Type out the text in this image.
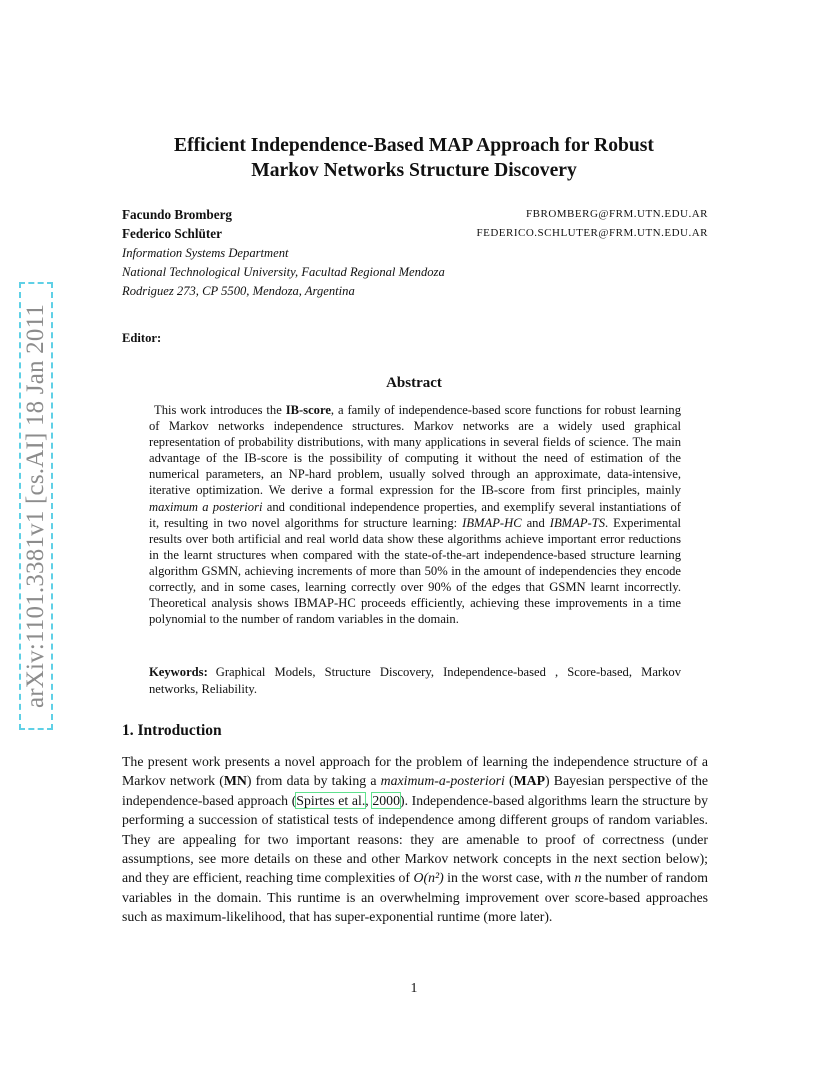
arXiv:1101.3381v1 [cs.AI] 18 Jan 2011
Efficient Independence-Based MAP Approach for Robust
Markov Networks Structure Discovery
Facundo Bromberg	FBROMBERG@FRM.UTN.EDU.AR
Federico Schlüter	FEDERICO.SCHLUTER@FRM.UTN.EDU.AR
Information Systems Department
National Technological University, Facultad Regional Mendoza
Rodriguez 273, CP 5500, Mendoza, Argentina
Editor:
Abstract
This work introduces the IB-score, a family of independence-based score functions for robust learning of Markov networks independence structures. Markov networks are a widely used graphical representation of probability distributions, with many applications in several fields of science. The main advantage of the IB-score is the possibility of computing it without the need of estimation of the numerical parameters, an NP-hard problem, usually solved through an approximate, data-intensive, iterative optimization. We derive a formal expression for the IB-score from first principles, mainly maximum a posteriori and conditional independence properties, and exemplify several instantiations of it, resulting in two novel algorithms for structure learning: IBMAP-HC and IBMAP-TS. Experimental results over both artificial and real world data show these algorithms achieve important error reductions in the learnt structures when compared with the state-of-the-art independence-based structure learning algorithm GSMN, achieving increments of more than 50% in the amount of independencies they encode correctly, and in some cases, learning correctly over 90% of the edges that GSMN learnt incorrectly. Theoretical analysis shows IBMAP-HC proceeds efficiently, achieving these improvements in a time polynomial to the number of random variables in the domain.
Keywords: Graphical Models, Structure Discovery, Independence-based , Score-based, Markov networks, Reliability.
1. Introduction
The present work presents a novel approach for the problem of learning the independence structure of a Markov network (MN) from data by taking a maximum-a-posteriori (MAP) Bayesian perspective of the independence-based approach (Spirtes et al., 2000). Independence-based algorithms learn the structure by performing a succession of statistical tests of independence among different groups of random variables. They are appealing for two important reasons: they are amenable to proof of correctness (under assumptions, see more details on these and other Markov network concepts in the next section below); and they are efficient, reaching time complexities of O(n²) in the worst case, with n the number of random variables in the domain. This runtime is an overwhelming improvement over score-based approaches such as maximum-likelihood, that has super-exponential runtime (more later).
1
